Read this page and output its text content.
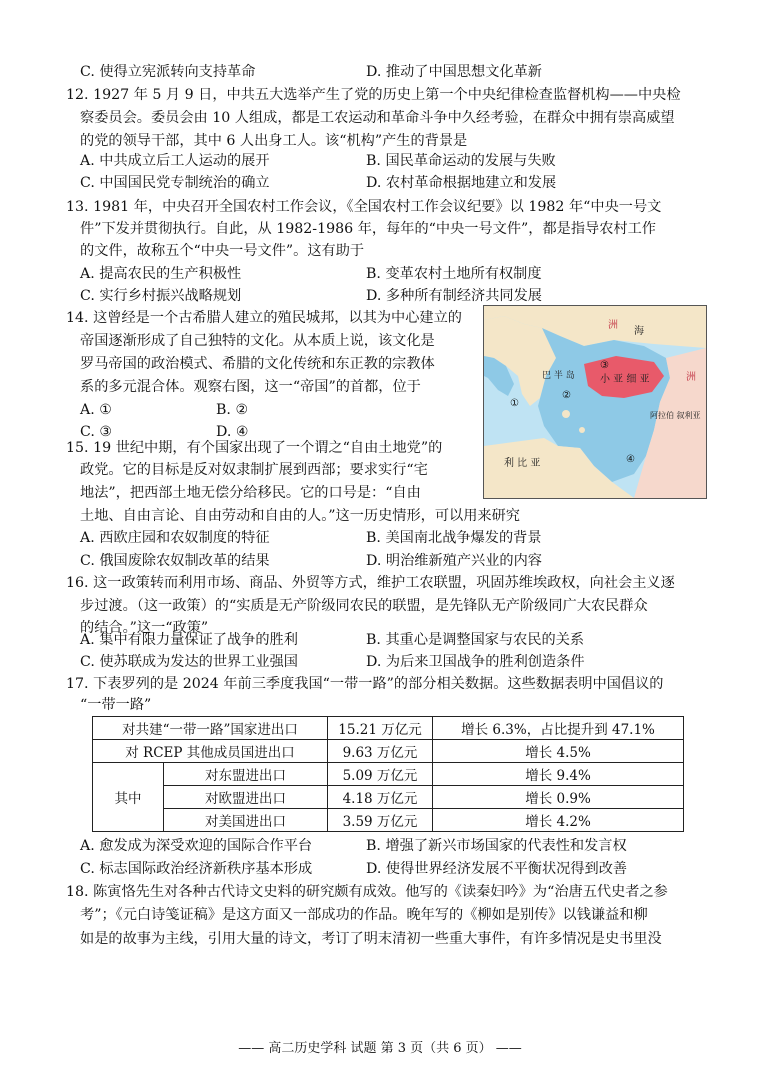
C. 使得立宪派转向支持革命	D. 推动了中国思想文化革新
12. 1927 年 5 月 9 日，中共五大选举产生了党的历史上第一个中央纪律检查监督机构——中央检
察委员会。委员会由 10 人组成，都是工农运动和革命斗争中久经考验，在群众中拥有崇高威望
的党的领导干部，其中 6 人出身工人。该“机构”产生的背景是
A. 中共成立后工人运动的展开	B. 国民革命运动的发展与失败
C. 中国国民党专制统治的确立	D. 农村革命根据地建立和发展
13. 1981 年，中央召开全国农村工作会议，《全国农村工作会议纪要》以 1982 年“中央一号文
件”下发并贯彻执行。自此，从 1982-1986 年，每年的“中央一号文件”，都是指导农村工作
的文件，故称五个“中央一号文件”。这有助于
A. 提高农民的生产积极性	B. 变革农村土地所有权制度
C. 实行乡村振兴战略规划	D. 多种所有制经济共同发展
14. 这曾经是一个古希腊人建立的殖民城邦，以其为中心建立的
帝国逐渐形成了自己独特的文化。从本质上说，该文化是
罗马帝国的政治模式、希腊的文化传统和东正教的宗教体
系的多元混合体。观察右图，这一“帝国”的首都，位于
A. ①	B. ②
C. ③	D. ④
洲
洲
小 亚 细 亚
巴 半 岛
海
利 比 亚
阿拉伯 叙利亚
①
②
③
④
15. 19 世纪中期，有个国家出现了一个谓之“自由土地党”的
政党。它的目标是反对奴隶制扩展到西部；要求实行“宅
地法”，把西部土地无偿分给移民。它的口号是：“自由
土地、自由言论、自由劳动和自由的人。”这一历史情形，可以用来研究
A. 西欧庄园和农奴制度的特征	B. 美国南北战争爆发的背景
C. 俄国废除农奴制改革的结果	D. 明治维新殖产兴业的内容
16. 这一政策转而利用市场、商品、外贸等方式，维护工农联盟，巩固苏维埃政权，向社会主义逐
步过渡。（这一政策）的“实质是无产阶级同农民的联盟，是先锋队无产阶级同广大农民群众
的结合。”这一“政策”
A. 集中有限力量保证了战争的胜利	B. 其重心是调整国家与农民的关系
C. 使苏联成为发达的世界工业强国	D. 为后来卫国战争的胜利创造条件
17. 下表罗列的是 2024 年前三季度我国“一带一路”的部分相关数据。这些数据表明中国倡议的
“一带一路”
对共建“一带一路”国家进出口		15.21 万亿元	增长 6.3%，占比提升到 47.1%
对 RCEP 其他成员国进出口		9.63 万亿元	增长 4.5%
其中	对东盟进出口	5.09 万亿元	增长 9.4%
	对欧盟进出口	4.18 万亿元	增长 0.9%
	对美国进出口	3.59 万亿元	增长 4.2%
A. 愈发成为深受欢迎的国际合作平台	B. 增强了新兴市场国家的代表性和发言权
C. 标志国际政治经济新秩序基本形成	D. 使得世界经济发展不平衡状况得到改善
18. 陈寅恪先生对各种古代诗文史料的研究颇有成效。他写的《读秦妇吟》为“治唐五代史者之参
考”；《元白诗笺证稿》是这方面又一部成功的作品。晚年写的《柳如是别传》以钱谦益和柳
如是的故事为主线，引用大量的诗文，考订了明末清初一些重大事件，有许多情况是史书里没
—— 高二历史学科 试题 第 3 页（共 6 页） ——
